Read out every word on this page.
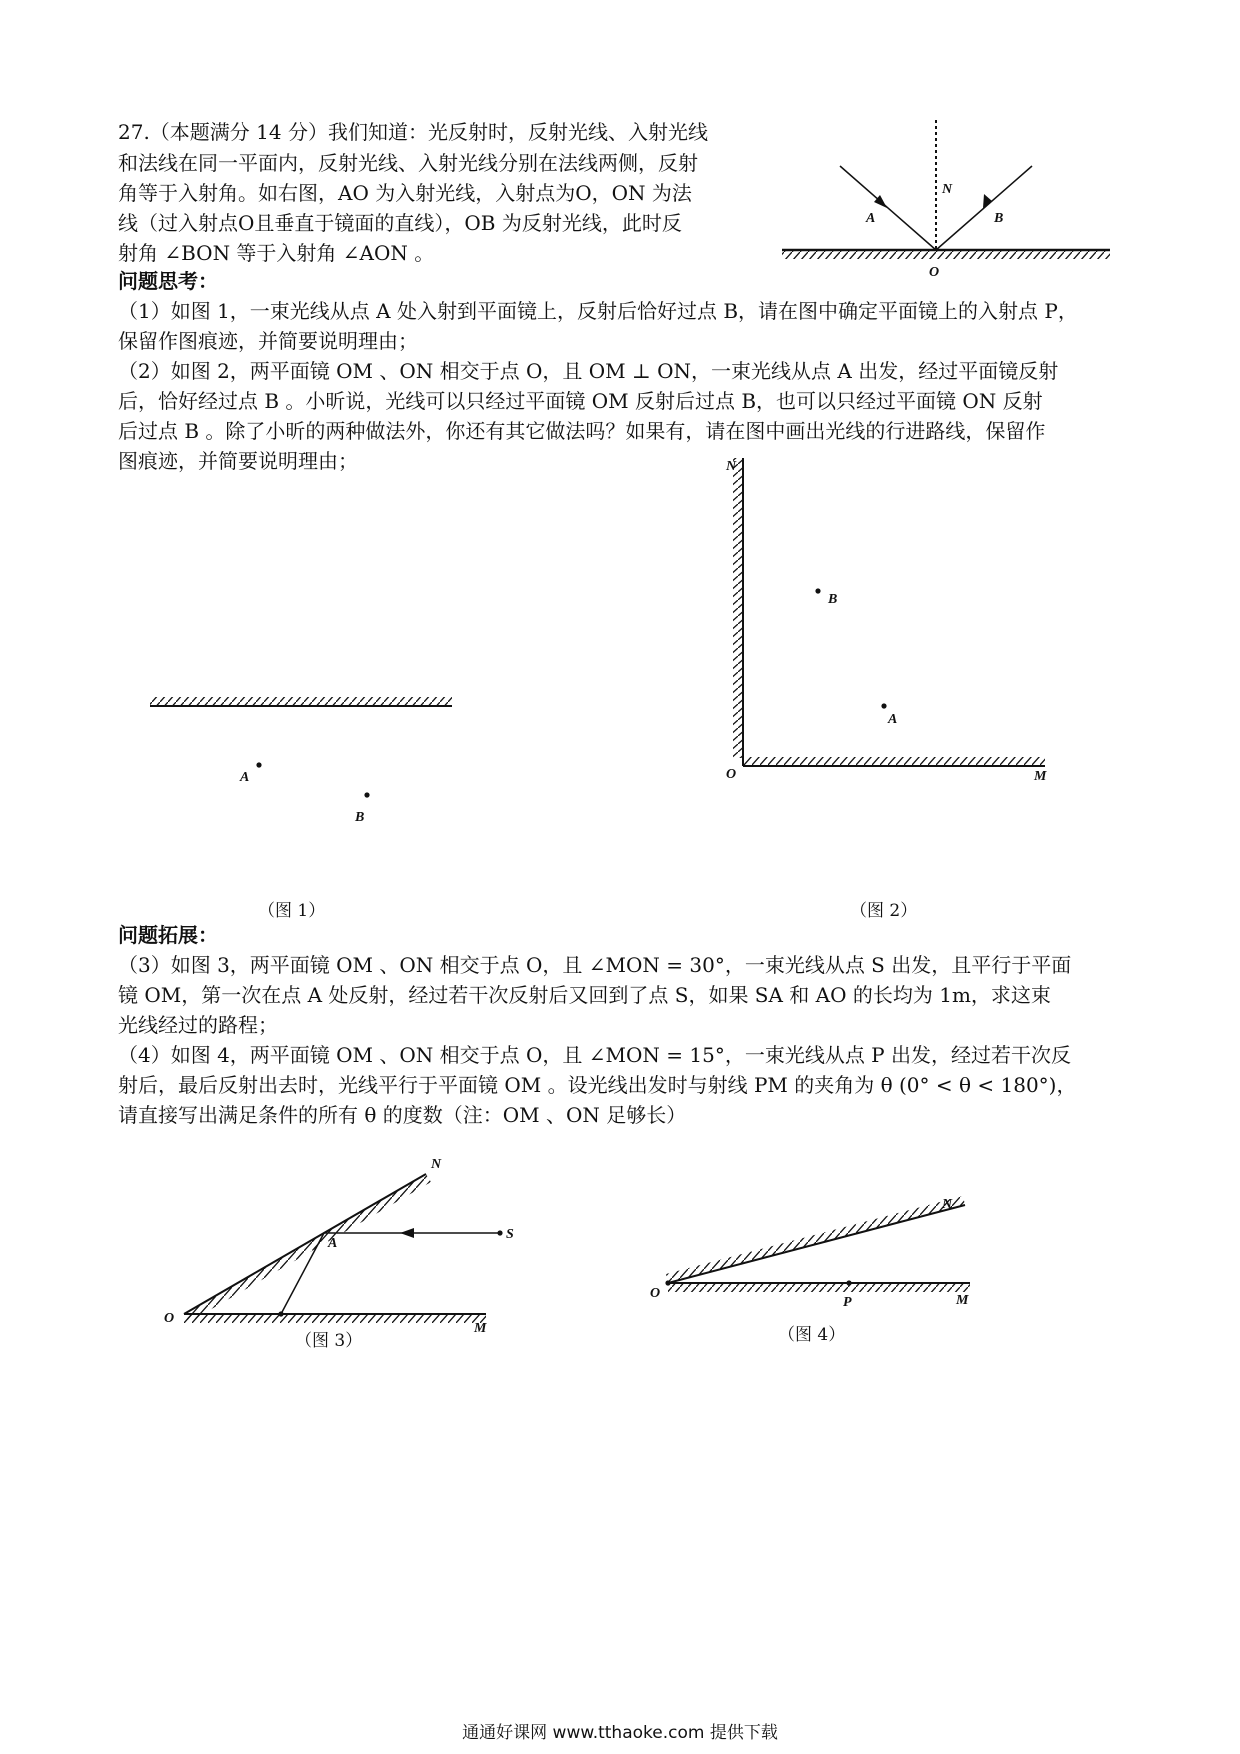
27.（本题满分 14 分）我们知道：光反射时，反射光线、入射光线
和法线在同一平面内，反射光线、入射光线分别在法线两侧，反射
角等于入射角。如右图，AO 为入射光线，入射点为O，ON 为法
线（过入射点O且垂直于镜面的直线），OB 为反射光线，此时反
射角 ∠BON 等于入射角 ∠AON 。
问题思考：
（1）如图 1，一束光线从点 A 处入射到平面镜上，反射后恰好过点 B，请在图中确定平面镜上的入射点 P，
保留作图痕迹，并简要说明理由；
（2）如图 2，两平面镜 OM 、ON 相交于点 O，且 OM ⊥ ON，一束光线从点 A 出发，经过平面镜反射
后，恰好经过点 B 。小昕说，光线可以只经过平面镜 OM 反射后过点 B，也可以只经过平面镜 ON 反射
后过点 B 。除了小昕的两种做法外，你还有其它做法吗？如果有，请在图中画出光线的行进路线，保留作
图痕迹，并简要说明理由；
（图 1）	（图 2）
问题拓展：
（3）如图 3，两平面镜 OM 、ON 相交于点 O，且 ∠MON = 30°，一束光线从点 S 出发，且平行于平面
镜 OM，第一次在点 A 处反射，经过若干次反射后又回到了点 S，如果 SA 和 AO 的长均为 1m，求这束
光线经过的路程；
（4）如图 4，两平面镜 OM 、ON 相交于点 O，且 ∠MON = 15°，一束光线从点 P 出发，经过若干次反
射后，最后反射出去时，光线平行于平面镜 OM 。设光线出发时与射线 PM 的夹角为 θ (0° < θ < 180°)，
请直接写出满足条件的所有 θ 的度数（注：OM 、ON 足够长）
（图 3）	（图 4）
A	B
N
O
A
B
N
B
A
O	M
N
A
S
O
M
N
O
P	M
通通好课网 www.tthaoke.com 提供下载
